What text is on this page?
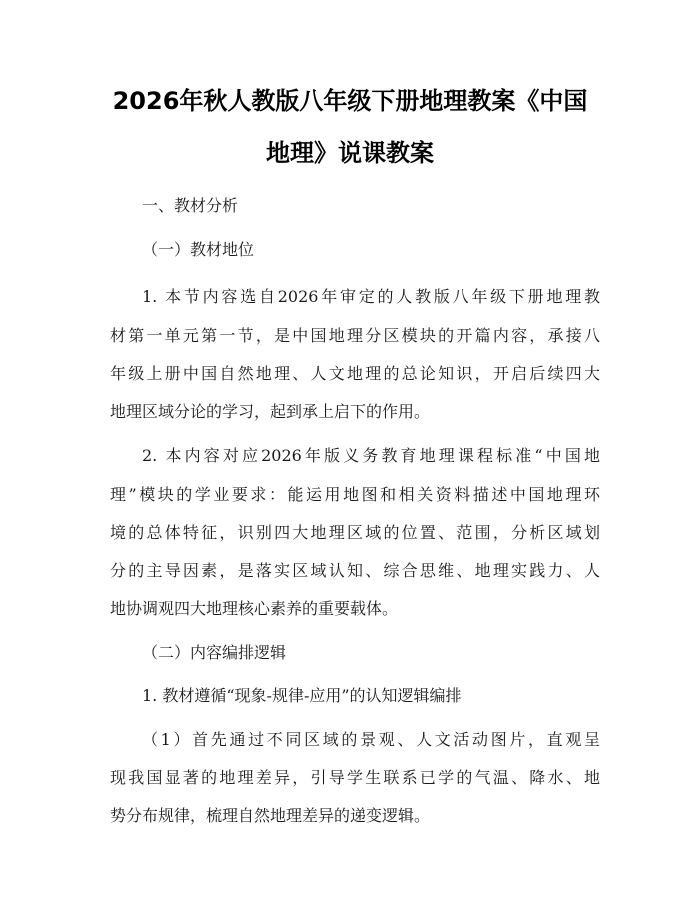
2026年秋人教版八年级下册地理教案《中国
地理》说课教案

一、教材分析

（一）教材地位

1. 本节内容选自2026年审定的人教版八年级下册地理教

材第一单元第一节，是中国地理分区模块的开篇内容，承接八

年级上册中国自然地理、人文地理的总论知识，开启后续四大

地理区域分论的学习，起到承上启下的作用。

2. 本内容对应2026年版义务教育地理课程标准“中国地

理”模块的学业要求：能运用地图和相关资料描述中国地理环

境的总体特征，识别四大地理区域的位置、范围，分析区域划

分的主导因素，是落实区域认知、综合思维、地理实践力、人

地协调观四大地理核心素养的重要载体。

（二）内容编排逻辑

1. 教材遵循“现象-规律-应用”的认知逻辑编排

（1）首先通过不同区域的景观、人文活动图片，直观呈

现我国显著的地理差异，引导学生联系已学的气温、降水、地

势分布规律，梳理自然地理差异的递变逻辑。
